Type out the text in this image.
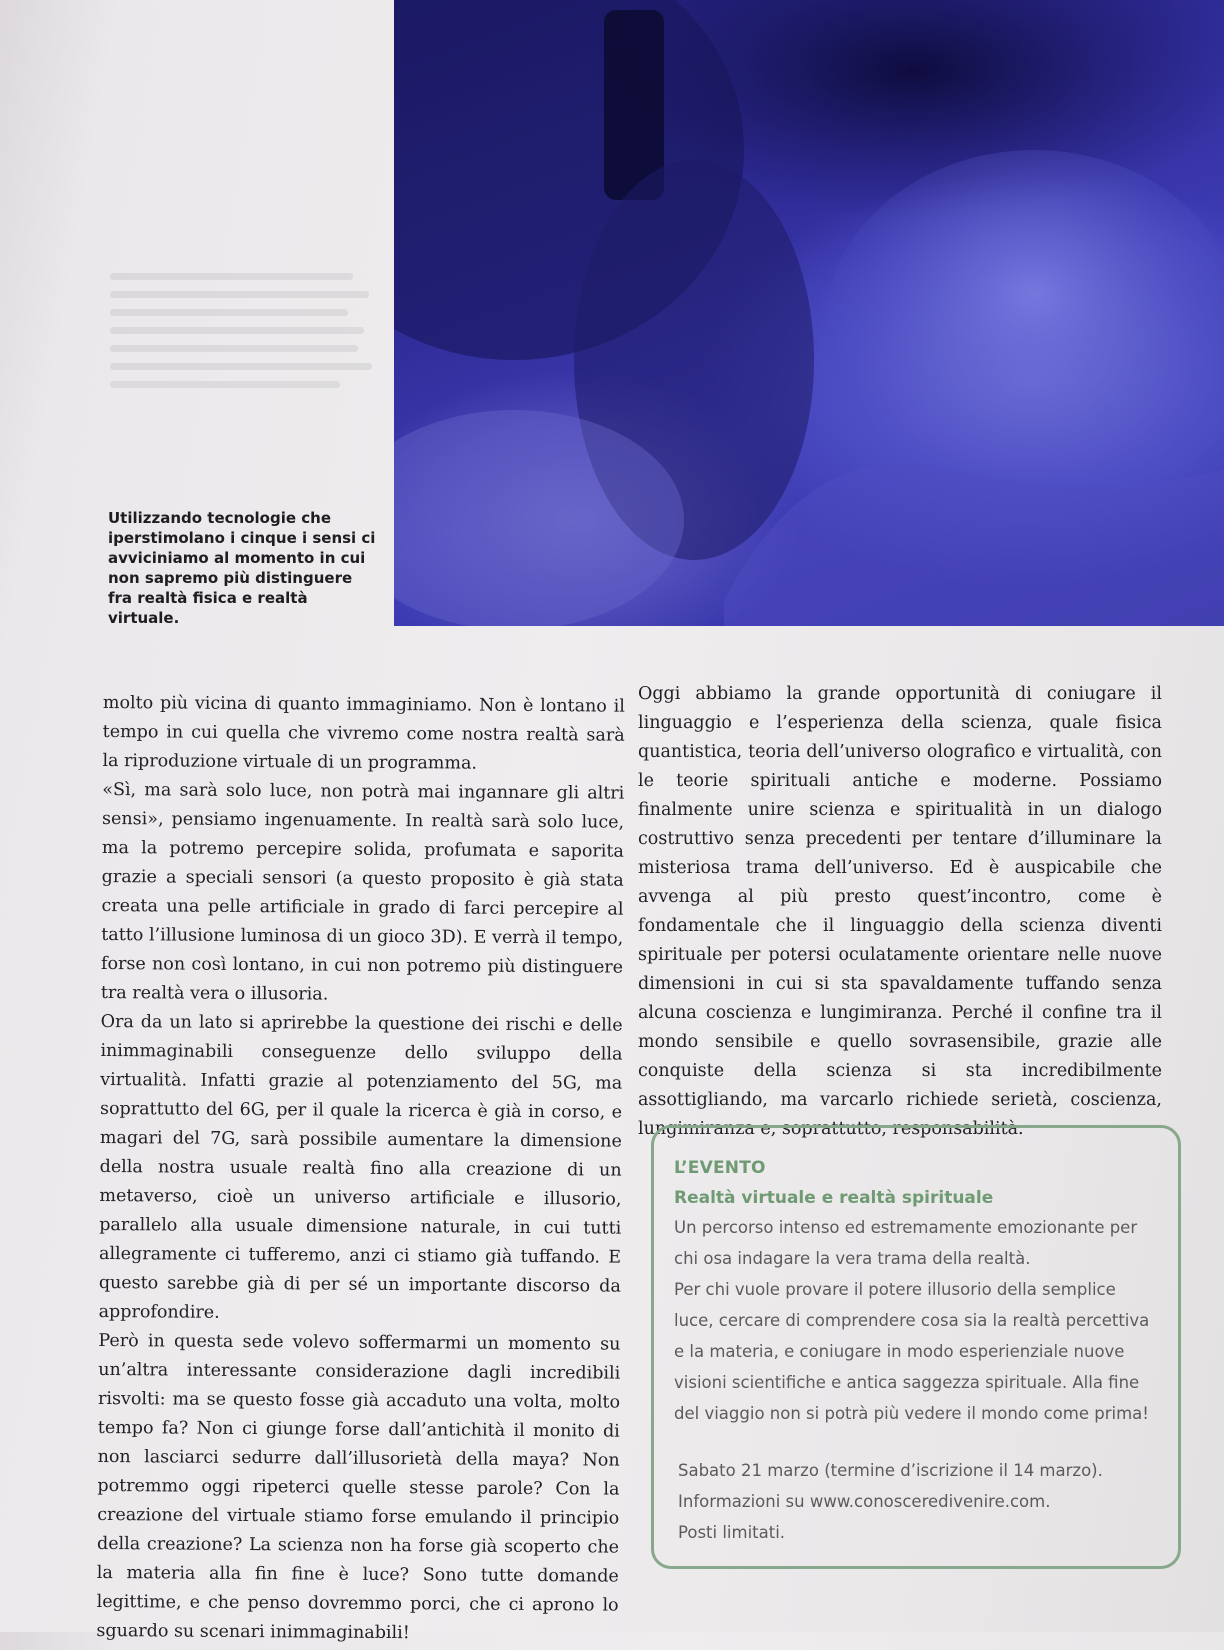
Utilizzando tecnologie che iperstimolano i cinque i sensi ci avviciniamo al momento in cui non sapremo più distinguere fra realtà fisica e realtà virtuale.

molto più vicina di quanto immaginiamo. Non è lontano il tempo in cui quella che vivremo come nostra realtà sarà la riproduzione virtuale di un programma.

«Sì, ma sarà solo luce, non potrà mai ingannare gli altri sensi», pensiamo ingenuamente. In realtà sarà solo luce, ma la potremo percepire solida, profumata e saporita grazie a speciali sensori (a questo proposito è già stata creata una pelle artificiale in grado di farci percepire al tatto l’illusione luminosa di un gioco 3D). E verrà il tempo, forse non così lontano, in cui non potremo più distinguere tra realtà vera o illusoria.

Ora da un lato si aprirebbe la questione dei rischi e delle inimmaginabili conseguenze dello sviluppo della virtualità. Infatti grazie al potenziamento del 5G, ma soprattutto del 6G, per il quale la ricerca è già in corso, e magari del 7G, sarà possibile aumentare la dimensione della nostra usuale realtà fino alla creazione di un metaverso, cioè un universo artificiale e illusorio, parallelo alla usuale dimensione naturale, in cui tutti allegramente ci tufferemo, anzi ci stiamo già tuffando. E questo sarebbe già di per sé un importante discorso da approfondire.

Però in questa sede volevo soffermarmi un momento su un’altra interessante considerazione dagli incredibili risvolti: ma se questo fosse già accaduto una volta, molto tempo fa? Non ci giunge forse dall’antichità il monito di non lasciarci sedurre dall’illusorietà della maya? Non potremmo oggi ripeterci quelle stesse parole? Con la creazione del virtuale stiamo forse emulando il principio della creazione? La scienza non ha forse già scoperto che la materia alla fin fine è luce? Sono tutte domande legittime, e che penso dovremmo porci, che ci aprono lo sguardo su scenari inimmaginabili!

Oggi abbiamo la grande opportunità di coniugare il linguaggio e l’esperienza della scienza, quale fisica quantistica, teoria dell’universo olografico e virtualità, con le teorie spirituali antiche e moderne. Possiamo finalmente unire scienza e spiritualità in un dialogo costruttivo senza precedenti per tentare d’illuminare la misteriosa trama dell’universo. Ed è auspicabile che avvenga al più presto quest’incontro, come è fondamentale che il linguaggio della scienza diventi spirituale per potersi oculatamente orientare nelle nuove dimensioni in cui si sta spavaldamente tuffando senza alcuna coscienza e lungimiranza. Perché il confine tra il mondo sensibile e quello sovrasensibile, grazie alle conquiste della scienza si sta incredibilmente assottigliando, ma varcarlo richiede serietà, coscienza, lungimiranza e, soprattutto, responsabilità.

L’EVENTO
Realtà virtuale e realtà spirituale

Un percorso intenso ed estremamente emozionante per chi osa indagare la vera trama della realtà.

Per chi vuole provare il potere illusorio della semplice luce, cercare di comprendere cosa sia la realtà percettiva e la materia, e coniugare in modo esperienziale nuove visioni scientifiche e antica saggezza spirituale. Alla fine del viaggio non si potrà più vedere il mondo come prima!

Sabato 21 marzo (termine d’iscrizione il 14 marzo).
Informazioni su www.conosceredivenire.com.
Posti limitati.
